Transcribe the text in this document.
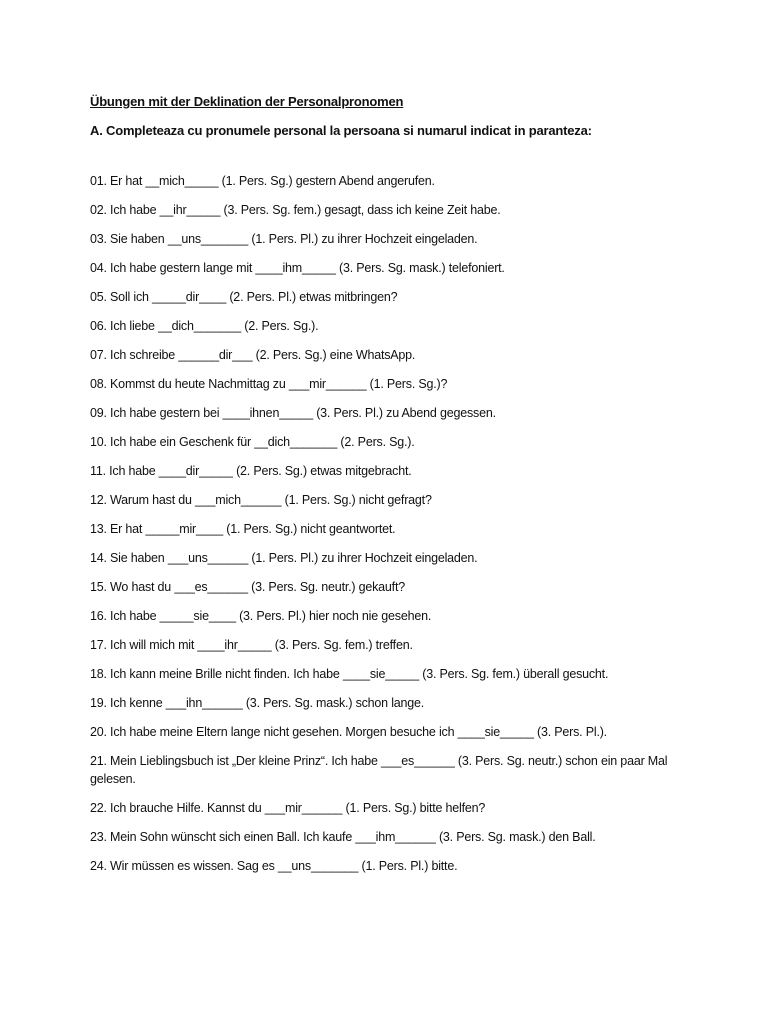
Übungen mit der Deklination der Personalpronomen

A. Completeaza cu pronumele personal la persoana si numarul indicat in paranteza:

01. Er hat __mich_____ (1. Pers. Sg.) gestern Abend angerufen.
02. Ich habe __ihr_____ (3. Pers. Sg. fem.) gesagt, dass ich keine Zeit habe.
03. Sie haben __uns_______ (1. Pers. Pl.) zu ihrer Hochzeit eingeladen.
04. Ich habe gestern lange mit ____ihm_____ (3. Pers. Sg. mask.) telefoniert.
05. Soll ich _____dir____ (2. Pers. Pl.) etwas mitbringen?
06. Ich liebe __dich_______ (2. Pers. Sg.).
07. Ich schreibe ______dir___ (2. Pers. Sg.) eine WhatsApp.
08. Kommst du heute Nachmittag zu ___mir______ (1. Pers. Sg.)?
09. Ich habe gestern bei ____ihnen_____ (3. Pers. Pl.) zu Abend gegessen.
10. Ich habe ein Geschenk für __dich_______ (2. Pers. Sg.).
11. Ich habe ____dir_____ (2. Pers. Sg.) etwas mitgebracht.
12. Warum hast du ___mich______ (1. Pers. Sg.) nicht gefragt?
13. Er hat _____mir____ (1. Pers. Sg.) nicht geantwortet.
14. Sie haben ___uns______ (1. Pers. Pl.) zu ihrer Hochzeit eingeladen.
15. Wo hast du ___es______ (3. Pers. Sg. neutr.) gekauft?
16. Ich habe _____sie____ (3. Pers. Pl.) hier noch nie gesehen.
17. Ich will mich mit ____ihr_____ (3. Pers. Sg. fem.) treffen.
18. Ich kann meine Brille nicht finden. Ich habe ____sie_____ (3. Pers. Sg. fem.) überall gesucht.
19. Ich kenne ___ihn______ (3. Pers. Sg. mask.) schon lange.
20. Ich habe meine Eltern lange nicht gesehen. Morgen besuche ich ____sie_____ (3. Pers. Pl.).
21. Mein Lieblingsbuch ist „Der kleine Prinz“. Ich habe ___es______ (3. Pers. Sg. neutr.) schon ein paar Mal gelesen.
22. Ich brauche Hilfe. Kannst du ___mir______ (1. Pers. Sg.) bitte helfen?
23. Mein Sohn wünscht sich einen Ball. Ich kaufe ___ihm______ (3. Pers. Sg. mask.) den Ball.
24. Wir müssen es wissen. Sag es __uns_______ (1. Pers. Pl.) bitte.
